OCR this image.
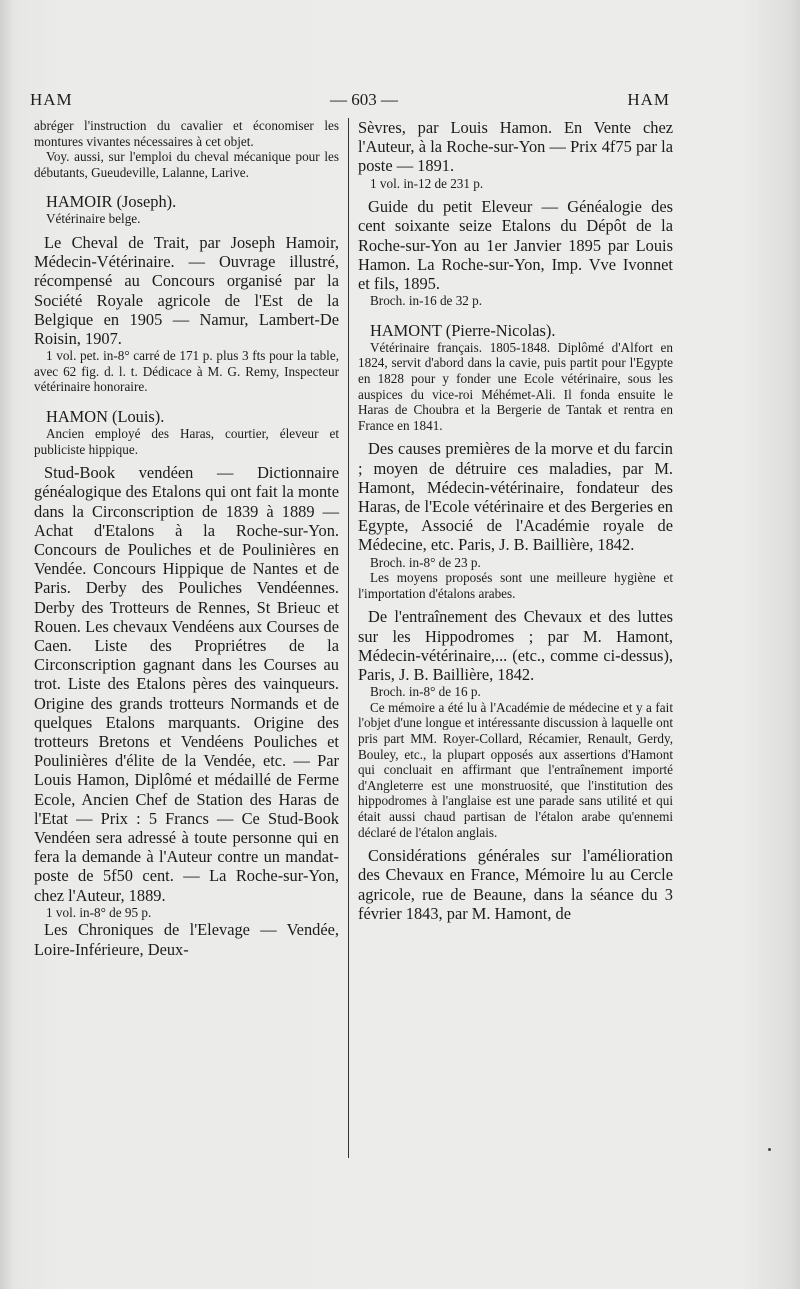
HAM	— 603 —	HAM

abréger l'instruction du cavalier et économiser les montures vivantes nécessaires à cet objet.

Voy. aussi, sur l'emploi du cheval mécanique pour les débutants, Gueudeville, Lalanne, Larive.

HAMOIR (Joseph).

Vétérinaire belge.

Le Cheval de Trait, par Joseph Hamoir, Médecin-Vétérinaire. — Ouvrage illustré, récompensé au Concours organisé par la Société Royale agricole de l'Est de la Belgique en 1905 — Namur, Lambert-De Roisin, 1907.

1 vol. pet. in-8° carré de 171 p. plus 3 fts pour la table, avec 62 fig. d. l. t. Dédicace à M. G. Remy, Inspecteur vétérinaire honoraire.

HAMON (Louis).

Ancien employé des Haras, courtier, éleveur et publiciste hippique.

Stud-Book vendéen — Dictionnaire généalogique des Etalons qui ont fait la monte dans la Circonscription de 1839 à 1889 — Achat d'Etalons à la Roche-sur-Yon. Concours de Pouliches et de Poulinières en Vendée. Concours Hippique de Nantes et de Paris. Derby des Pouliches Vendéennes. Derby des Trotteurs de Rennes, St Brieuc et Rouen. Les chevaux Vendéens aux Courses de Caen. Liste des Propriétres de la Circonscription gagnant dans les Courses au trot. Liste des Etalons pères des vainqueurs. Origine des grands trotteurs Normands et de quelques Etalons marquants. Origine des trotteurs Bretons et Vendéens Pouliches et Poulinières d'élite de la Vendée, etc. — Par Louis Hamon, Diplômé et médaillé de Ferme Ecole, Ancien Chef de Station des Haras de l'Etat — Prix : 5 Francs — Ce Stud-Book Vendéen sera adressé à toute personne qui en fera la demande à l'Auteur contre un mandat-poste de 5f50 cent. — La Roche-sur-Yon, chez l'Auteur, 1889.

1 vol. in-8° de 95 p.

Les Chroniques de l'Elevage — Vendée, Loire-Inférieure, Deux-

Sèvres, par Louis Hamon. En Vente chez l'Auteur, à la Roche-sur-Yon — Prix 4f75 par la poste — 1891.

1 vol. in-12 de 231 p.

Guide du petit Eleveur — Généalogie des cent soixante seize Etalons du Dépôt de la Roche-sur-Yon au 1er Janvier 1895 par Louis Hamon. La Roche-sur-Yon, Imp. Vve Ivonnet et fils, 1895.

Broch. in-16 de 32 p.

HAMONT (Pierre-Nicolas).

Vétérinaire français. 1805-1848. Diplômé d'Alfort en 1824, servit d'abord dans la cavie, puis partit pour l'Egypte en 1828 pour y fonder une Ecole vétérinaire, sous les auspices du vice-roi Méhémet-Ali. Il fonda ensuite le Haras de Choubra et la Bergerie de Tantak et rentra en France en 1841.

Des causes premières de la morve et du farcin ; moyen de détruire ces maladies, par M. Hamont, Médecin-vétérinaire, fondateur des Haras, de l'Ecole vétérinaire et des Bergeries en Egypte, Associé de l'Académie royale de Médecine, etc. Paris, J. B. Baillière, 1842.

Broch. in-8° de 23 p.

Les moyens proposés sont une meilleure hygiène et l'importation d'étalons arabes.

De l'entraînement des Chevaux et des luttes sur les Hippodromes ; par M. Hamont, Médecin-vétérinaire,... (etc., comme ci-dessus), Paris, J. B. Baillière, 1842.

Broch. in-8° de 16 p.

Ce mémoire a été lu à l'Académie de médecine et y a fait l'objet d'une longue et intéressante discussion à laquelle ont pris part MM. Royer-Collard, Récamier, Renault, Gerdy, Bouley, etc., la plupart opposés aux assertions d'Hamont qui concluait en affirmant que l'entraînement importé d'Angleterre est une monstruosité, que l'institution des hippodromes à l'anglaise est une parade sans utilité et qui était aussi chaud partisan de l'étalon arabe qu'ennemi déclaré de l'étalon anglais.

Considérations générales sur l'amélioration des Chevaux en France, Mémoire lu au Cercle agricole, rue de Beaune, dans la séance du 3 février 1843, par M. Hamont, de
